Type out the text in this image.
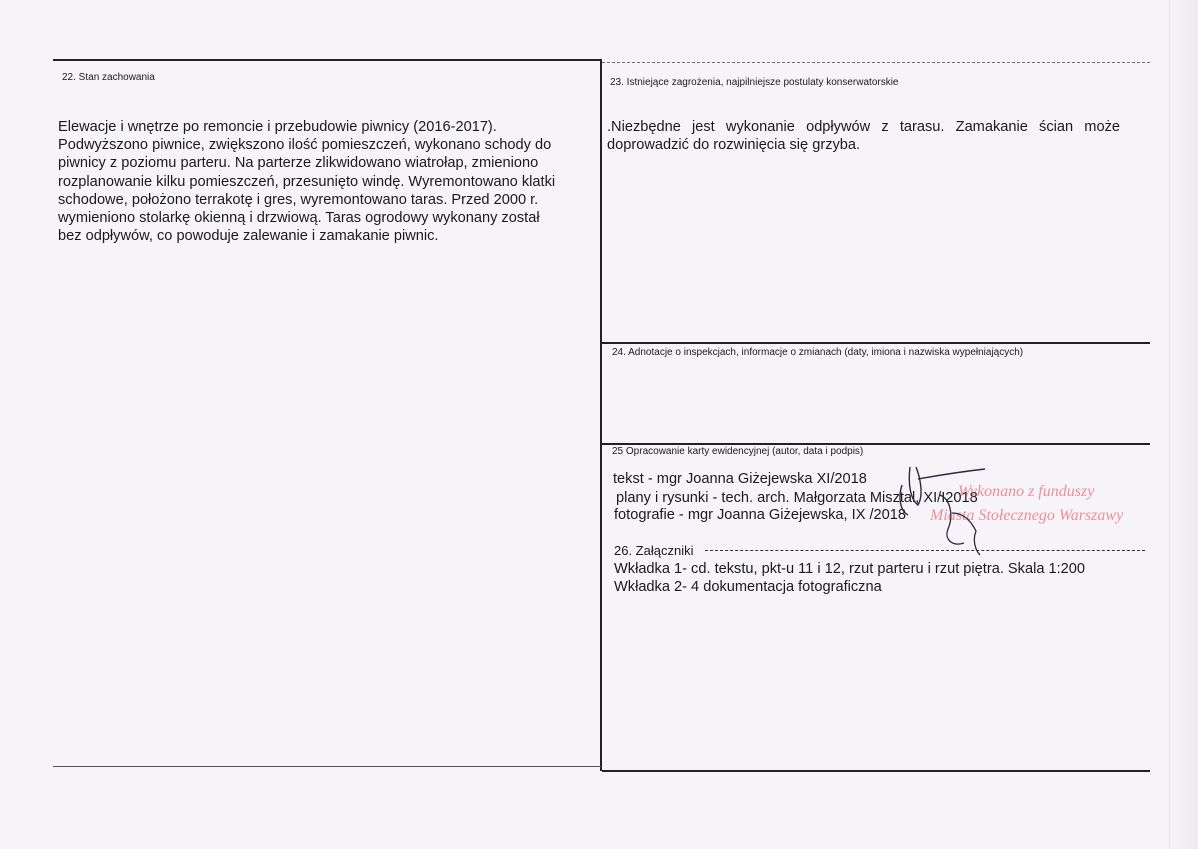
22. Stan zachowania
Elewacje i wnętrze po remoncie i przebudowie piwnicy (2016-2017).
Podwyższono piwnice, zwiększono ilość pomieszczeń, wykonano schody do
piwnicy z poziomu parteru. Na parterze zlikwidowano wiatrołap, zmieniono
rozplanowanie kilku pomieszczeń, przesunięto windę. Wyremontowano klatki
schodowe, położono terrakotę i gres, wyremontowano taras. Przed 2000 r.
wymieniono stolarkę okienną i drzwiową. Taras ogrodowy wykonany został
bez odpływów, co powoduje zalewanie i zamakanie piwnic.
23. Istniejące zagrożenia, najpilniejsze postulaty konserwatorskie
.Niezbędne jest wykonanie odpływów z tarasu. Zamakanie ścian może doprowadzić do rozwinięcia się grzyba.
24. Adnotacje o inspekcjach, informacje o zmianach (daty, imiona i nazwiska wypełniających)
25 Opracowanie karty ewidencyjnej (autor, data i podpis)
tekst - mgr Joanna Giżejewska XI/2018
plany i rysunki - tech. arch. Małgorzata Misztal, XI/I2018
fotografie - mgr Joanna Giżejewska, IX /2018
Wykonano z funduszy
Miasta Stołecznego Warszawy
26. Załączniki
Wkładka 1- cd. tekstu, pkt-u 11 i 12, rzut parteru i rzut piętra. Skala 1:200
Wkładka 2- 4 dokumentacja fotograficzna
